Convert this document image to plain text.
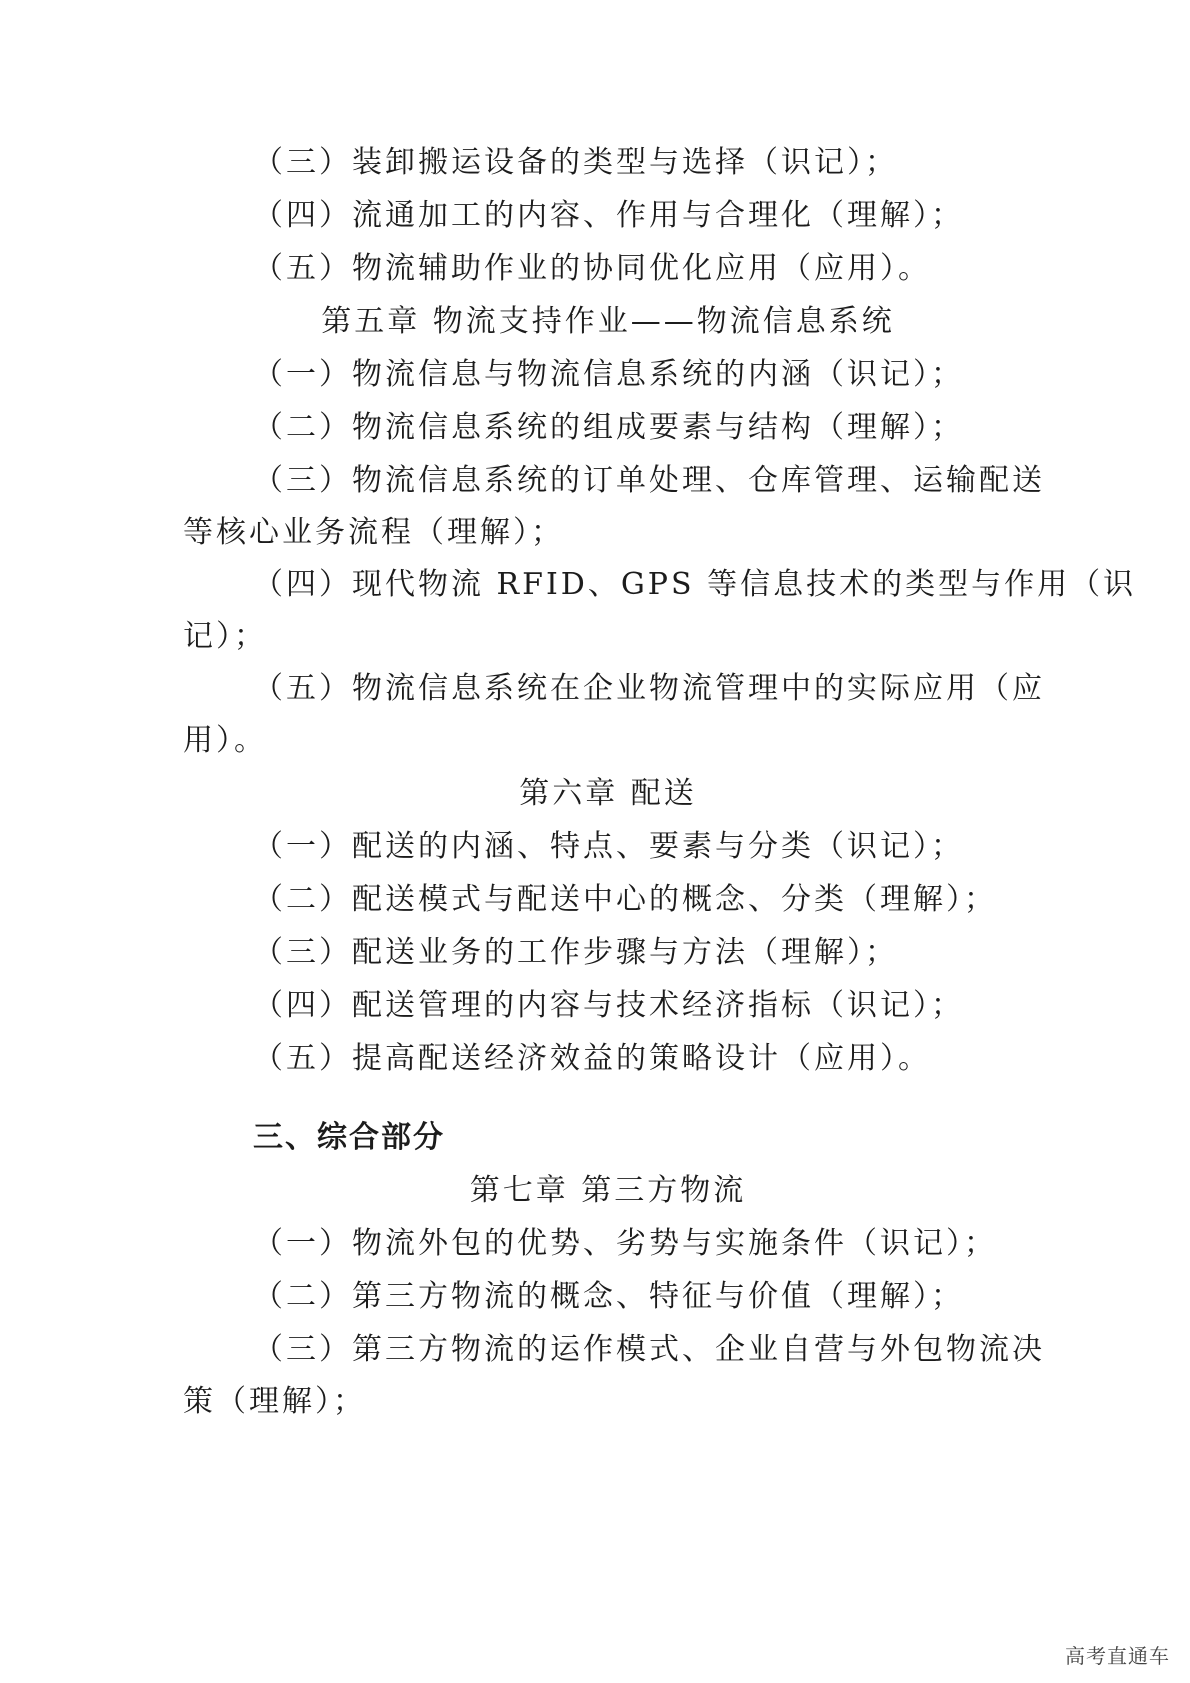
（三）装卸搬运设备的类型与选择（识记）；
（四）流通加工的内容、作用与合理化（理解）；
（五）物流辅助作业的协同优化应用（应用）。
第五章 物流支持作业——物流信息系统
（一）物流信息与物流信息系统的内涵（识记）；
（二）物流信息系统的组成要素与结构（理解）；
（三）物流信息系统的订单处理、仓库管理、运输配送
等核心业务流程（理解）；
（四）现代物流 RFID、GPS 等信息技术的类型与作用（识
记）；
（五）物流信息系统在企业物流管理中的实际应用（应
用）。
第六章 配送
（一）配送的内涵、特点、要素与分类（识记）；
（二）配送模式与配送中心的概念、分类（理解）；
（三）配送业务的工作步骤与方法（理解）；
（四）配送管理的内容与技术经济指标（识记）；
（五）提高配送经济效益的策略设计（应用）。
三、综合部分
第七章 第三方物流
（一）物流外包的优势、劣势与实施条件（识记）；
（二）第三方物流的概念、特征与价值（理解）；
（三）第三方物流的运作模式、企业自营与外包物流决
策（理解）；
高考直通车
